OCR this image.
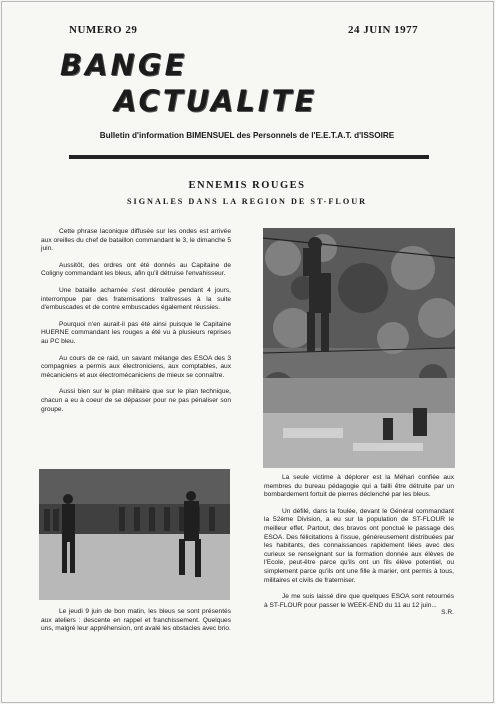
NUMERO 29	24 JUIN 1977
BANGE
ACTUALITE
Bulletin d'information BIMENSUEL des Personnels de l'E.E.T.A.T. d'ISSOIRE
ENNEMIS ROUGES
SIGNALES DANS LA REGION DE ST-FLOUR

Cette phrase laconique diffusée sur les ondes est arrivée aux oreilles du chef de bataillon commandant le 3, le dimanche 5 juin.

Aussitôt, des ordres ont été donnés au Capitaine de Coligny commandant les bleus, afin qu'il détruise l'envahisseur.

Une bataille acharnée s'est déroulée pendant 4 jours, interrompue par des fraternisations traîtresses à la suite d'embuscades et de contre embuscades également réussies.

Pourquoi n'en aurait-il pas été ainsi puisque le Capitaine HUERNE commandant les rouges a été vu à plusieurs reprises au PC bleu.

Au cours de ce raid, un savant mélange des ESOA des 3 compagnies a permis aux électroniciens, aux comptables, aux mécaniciens et aux électromécaniciens de mieux se connaître.

Aussi bien sur le plan militaire que sur le plan technique, chacun a eu à coeur de se dépasser pour ne pas pénaliser son groupe.

La seule victime à déplorer est la Méhari confiée aux membres du bureau pédagogie qui a failli être détruite par un bombardement fortuit de pierres déclenché par les bleus.

Un défilé, dans la foulée, devant le Général commandant la 52ème Division, a eu sur la population de ST-FLOUR le meilleur effet. Partout, des bravos ont ponctué le passage des ESOA. Des félicitations à l'issue, généreusement distribuées par les habitants, des connaissances rapidement liées avec des curieux se renseignant sur la formation donnée aux élèves de l'Ecole, peut-être parce qu'ils ont un fils élève potentiel, ou simplement parce qu'ils ont une fille à marier, ont permis à tous, militaires et civils de fraterniser.

Je me suis laissé dire que quelques ESOA sont retournés à ST-FLOUR pour passer le WEEK-END du 11 au 12 juin...

S.R.

Le jeudi 9 juin de bon matin, les bleus se sont présentés aux ateliers : descente en rappel et franchissement. Quelques uns, malgré leur appréhension, ont avalé les obstacles avec brio.
